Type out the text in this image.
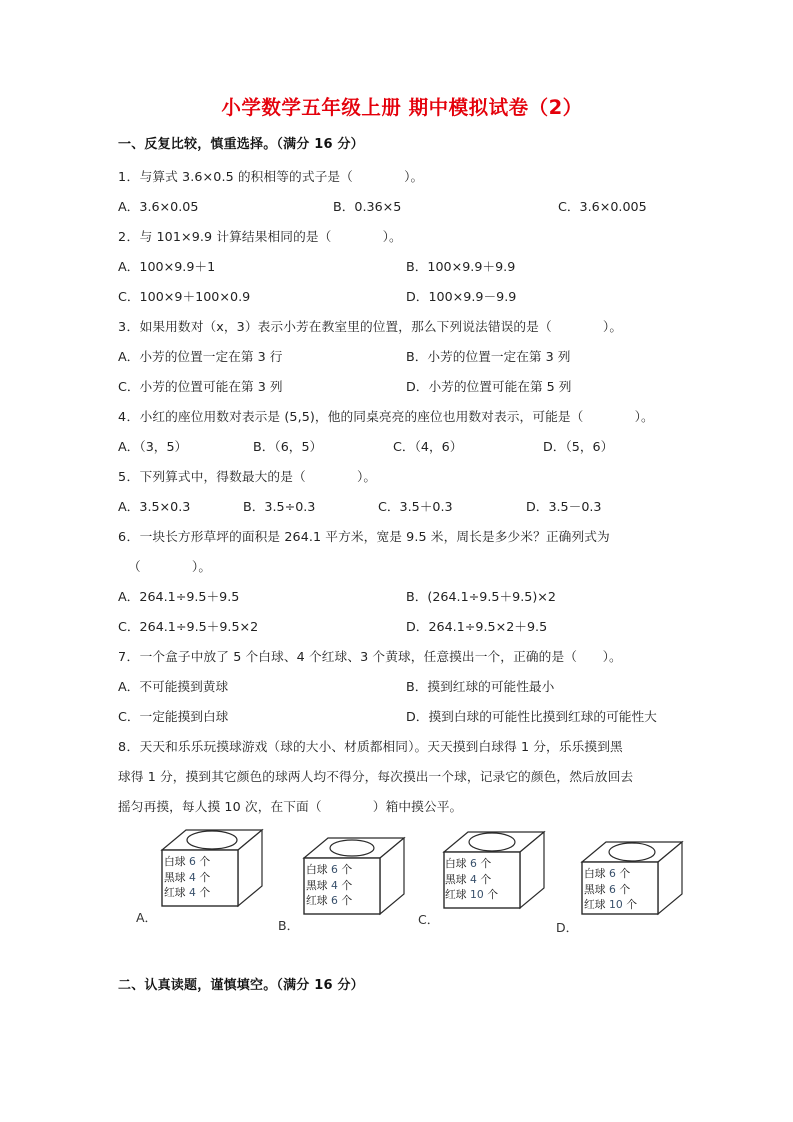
小学数学五年级上册 期中模拟试卷（2）
一、反复比较，慎重选择。（满分 16 分）
1．与算式 3.6×0.5 的积相等的式子是（　　　　）。
A．3.6×0.05	B．0.36×5	C．3.6×0.005
2．与 101×9.9 计算结果相同的是（　　　　）。
A．100×9.9＋1	B．100×9.9＋9.9
C．100×9＋100×0.9	D．100×9.9－9.9
3．如果用数对（x，3）表示小芳在教室里的位置，那么下列说法错误的是（　　　　）。
A．小芳的位置一定在第 3 行	B．小芳的位置一定在第 3 列
C．小芳的位置可能在第 3 列	D．小芳的位置可能在第 5 列
4．小红的座位用数对表示是 (5,5)，他的同桌亮亮的座位也用数对表示，可能是（　　　　）。
A．（3，5）	B．（6，5）	C．（4，6）	D．（5，6）
5．下列算式中，得数最大的是（　　　　）。
A．3.5×0.3	B．3.5÷0.3	C．3.5＋0.3	D．3.5－0.3
6．一块长方形草坪的面积是 264.1 平方米，宽是 9.5 米，周长是多少米？正确列式为
（　　　　）。
A．264.1÷9.5＋9.5	B．(264.1÷9.5＋9.5)×2
C．264.1÷9.5＋9.5×2	D．264.1÷9.5×2＋9.5
7．一个盒子中放了 5 个白球、4 个红球、3 个黄球，任意摸出一个，正确的是（　　）。
A．不可能摸到黄球	B．摸到红球的可能性最小
C．一定能摸到白球	D．摸到白球的可能性比摸到红球的可能性大
8．天天和乐乐玩摸球游戏（球的大小、材质都相同）。天天摸到白球得 1 分，乐乐摸到黑
球得 1 分，摸到其它颜色的球两人均不得分，每次摸出一个球，记录它的颜色，然后放回去
摇匀再摸，每人摸 10 次，在下面（　　　　）箱中摸公平。
白球 6 个
黑球 4 个
红球 4 个
A．
白球 6 个
黑球 4 个
红球 6 个
B．
白球 6 个
黑球 4 个
红球 10 个
C．
白球 6 个
黑球 6 个
红球 10 个
D．
二、认真读题，谨慎填空。（满分 16 分）
